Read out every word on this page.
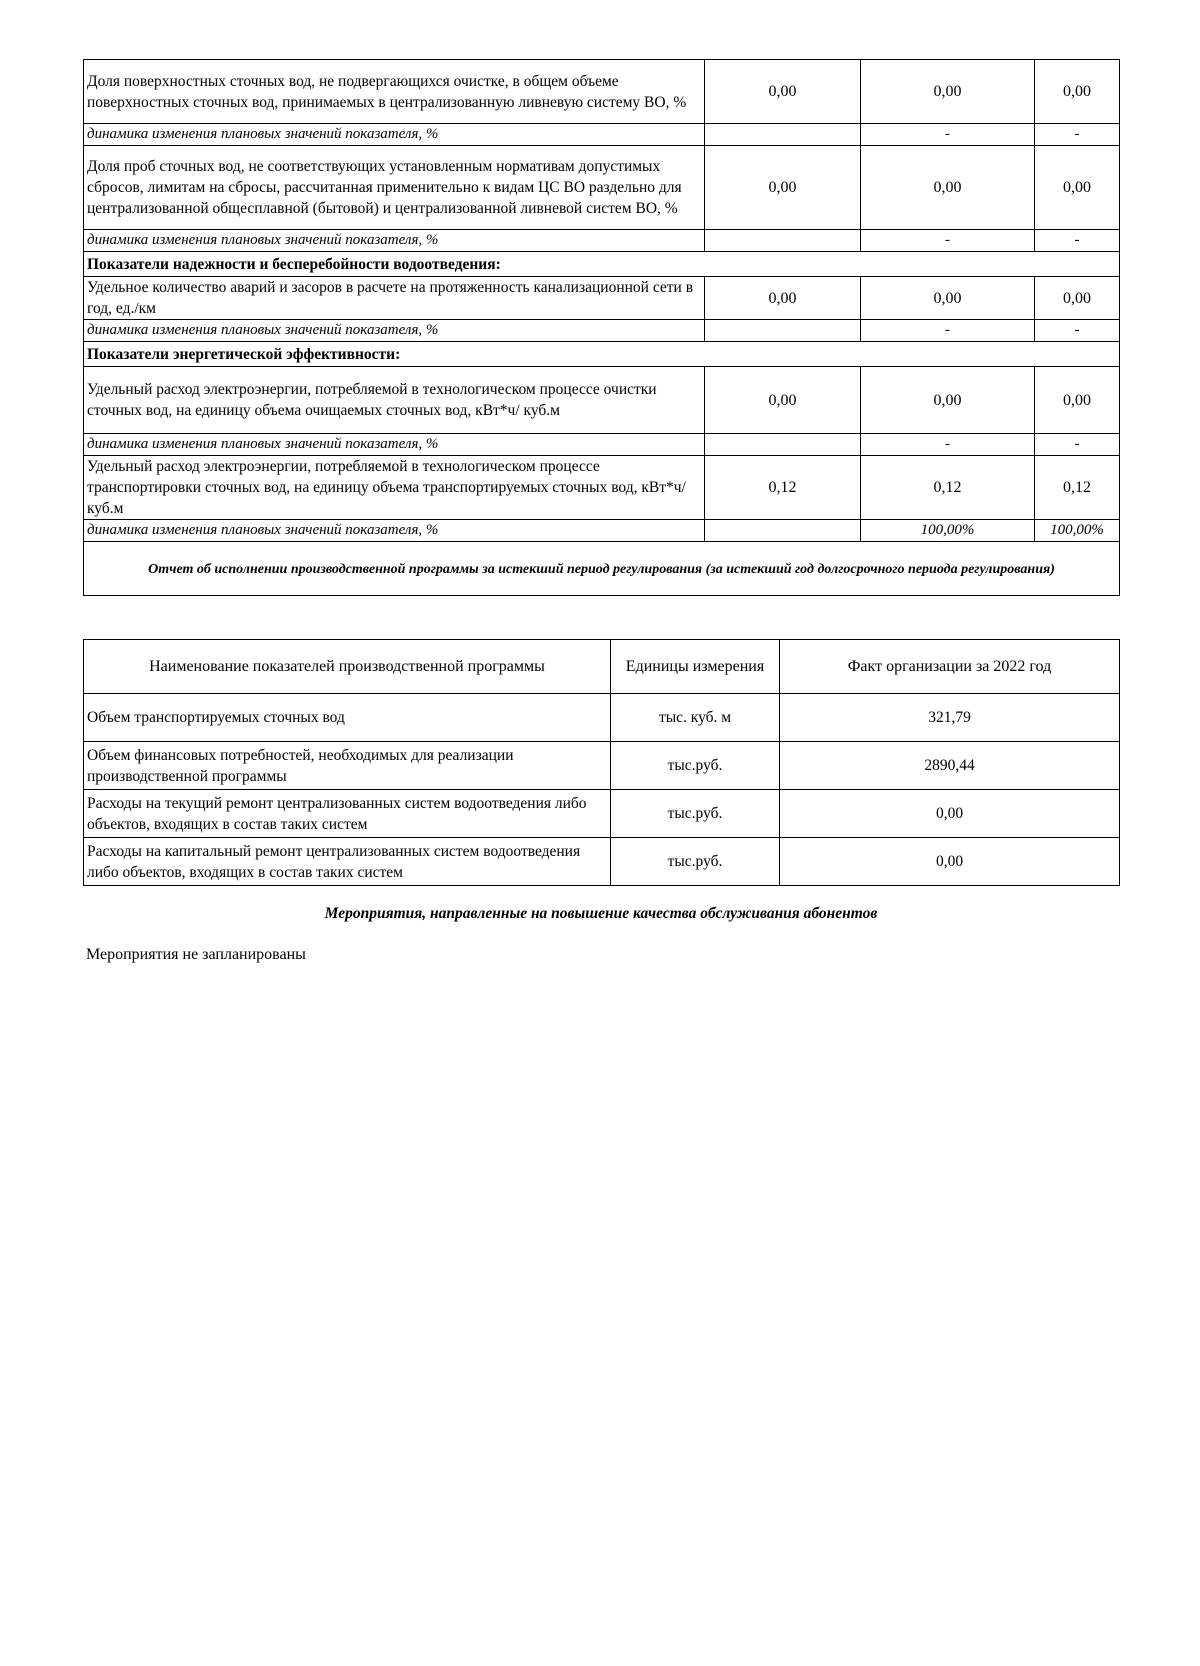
Доля поверхностных сточных вод, не подвергающихся очистке, в общем объеме поверхностных сточных вод, принимаемых в централизованную ливневую систему ВО, %	0,00	0,00	0,00
динамика изменения плановых значений показателя, %		-	-
Доля проб сточных вод, не соответствующих установленным нормативам допустимых сбросов, лимитам на сбросы, рассчитанная применительно к видам ЦС ВО раздельно для централизованной общесплавной (бытовой) и централизованной ливневой систем ВО, %	0,00	0,00	0,00
динамика изменения плановых значений показателя, %		-	-
Показатели надежности и бесперебойности водоотведения:			
Удельное количество аварий и засоров в расчете на протяженность канализационной сети в год, ед./км	0,00	0,00	0,00
динамика изменения плановых значений показателя, %		-	-
Показатели энергетической эффективности:			
Удельный расход электроэнергии, потребляемой в технологическом процессе очистки сточных вод, на единицу объема очищаемых сточных вод, кВт*ч/ куб.м	0,00	0,00	0,00
динамика изменения плановых значений показателя, %		-	-
Удельный расход электроэнергии, потребляемой в технологическом процессе транспортировки сточных вод, на единицу объема транспортируемых сточных вод, кВт*ч/ куб.м	0,12	0,12	0,12
динамика изменения плановых значений показателя, %		100,00%	100,00%
Отчет об исполнении производственной программы за истекший период регулирования (за истекший год долгосрочного периода регулирования)			
Наименование показателей производственной программы	Единицы измерения	Факт организации за 2022 год
Объем транспортируемых сточных вод	тыс. куб. м	321,79
Объем финансовых потребностей, необходимых для реализации производственной программы	тыс.руб.	2890,44
Расходы на текущий ремонт централизованных систем водоотведения либо объектов, входящих в состав таких систем	тыс.руб.	0,00
Расходы на капитальный ремонт централизованных систем водоотведения либо объектов, входящих в состав таких систем	тыс.руб.	0,00
Мероприятия, направленные на повышение качества обслуживания абонентов
Мероприятия не запланированы
